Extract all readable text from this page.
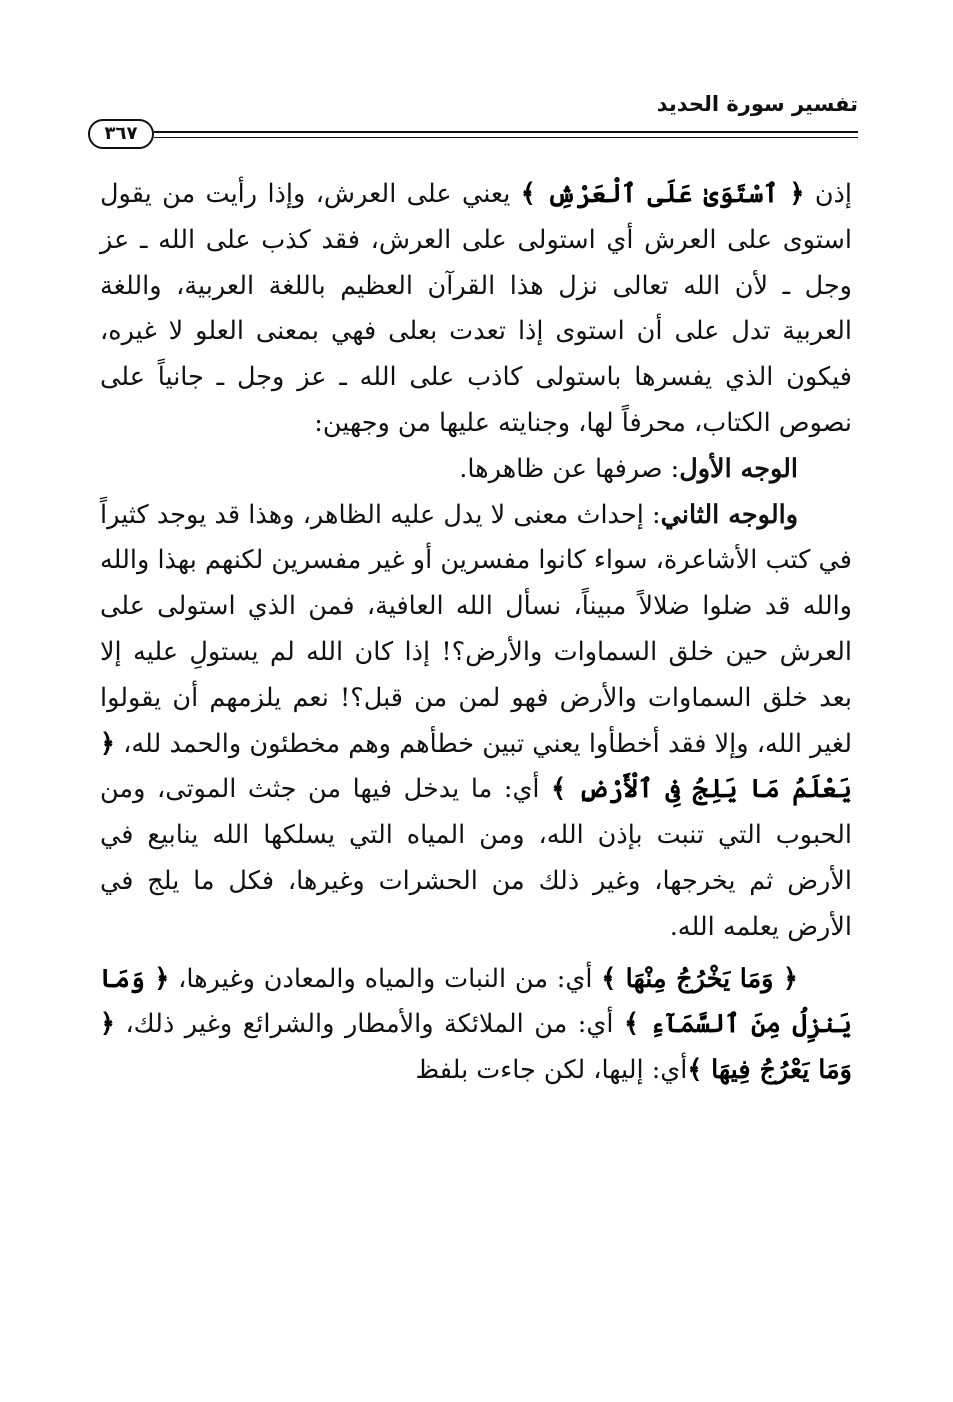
تفسير سورة الحديد
٣٦٧

إذن ﴿ ٱسْتَوَىٰ عَلَى ٱلْعَرْشِ ﴾ يعني على العرش، وإذا رأيت من يقول استوى على العرش أي استولى على العرش، فقد كذب على الله ـ عز وجل ـ لأن الله تعالى نزل هذا القرآن العظيم باللغة العربية، واللغة العربية تدل على أن استوى إذا تعدت بعلى فهي بمعنى العلو لا غيره، فيكون الذي يفسرها باستولى كاذب على الله ـ عز وجل ـ جانياً على نصوص الكتاب، محرفاً لها، وجنايته عليها من وجهين:

الوجه الأول: صرفها عن ظاهرها.

والوجه الثاني: إحداث معنى لا يدل عليه الظاهر، وهذا قد يوجد كثيراً في كتب الأشاعرة، سواء كانوا مفسرين أو غير مفسرين لكنهم بهذا والله والله قد ضلوا ضلالاً مبيناً، نسأل الله العافية، فمن الذي استولى على العرش حين خلق السماوات والأرض؟! إذا كان الله لم يستولِ عليه إلا بعد خلق السماوات والأرض فهو لمن من قبل؟! نعم يلزمهم أن يقولوا لغير الله، وإلا فقد أخطأوا يعني تبين خطأهم وهم مخطئون والحمد لله، ﴿ يَعْلَمُ مَا يَلِجُ فِى ٱلْأَرْضِ ﴾ أي: ما يدخل فيها من جثث الموتى، ومن الحبوب التي تنبت بإذن الله، ومن المياه التي يسلكها الله ينابيع في الأرض ثم يخرجها، وغير ذلك من الحشرات وغيرها، فكل ما يلج في الأرض يعلمه الله.

﴿ وَمَا يَخْرُجُ مِنْهَا ﴾ أي: من النبات والمياه والمعادن وغيرها، ﴿ وَمَا يَنزِلُ مِنَ ٱلسَّمَآءِ ﴾ أي: من الملائكة والأمطار والشرائع وغير ذلك، ﴿ وَمَا يَعْرُجُ فِيهَا ﴾أي: إليها، لكن جاءت بلفظ
